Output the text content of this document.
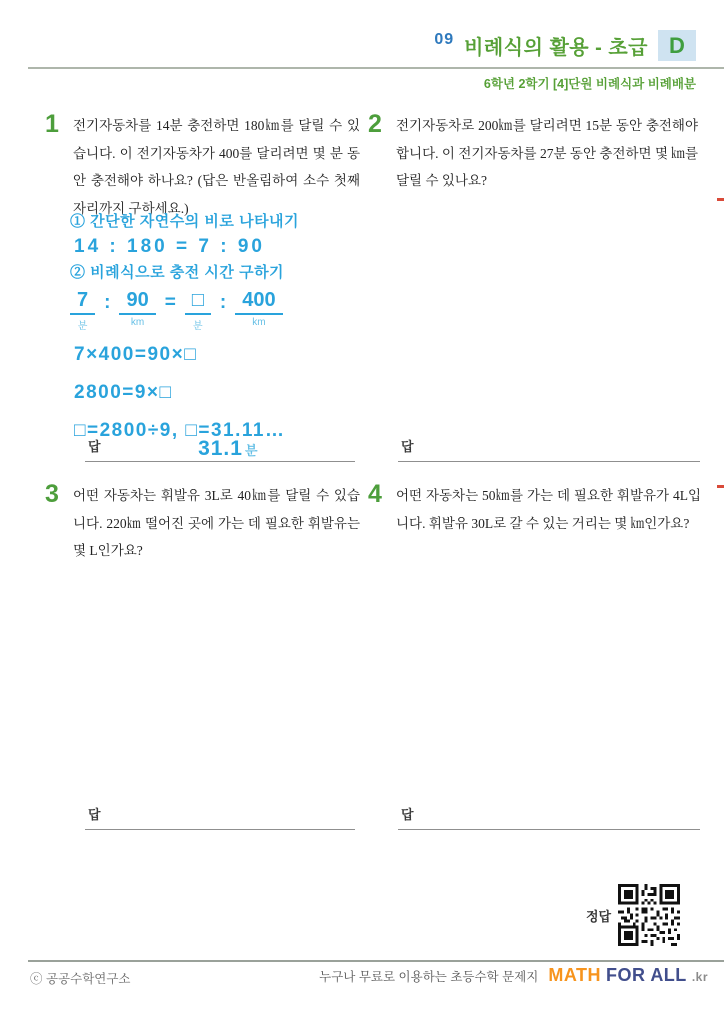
09 비례식의 활용 - 초급 D
6학년 2학기 [4]단원 비례식과 비례배분
1 전기자동차를 14분 충전하면 180㎞를 달릴 수 있습니다. 이 전기자동차가 400를 달리려면 몇 분 동안 충전해야 하나요? (답은 반올림하여 소수 첫째 자리까지 구하세요.)

2 전기자동차로 200㎞를 달리려면 15분 동안 충전해야 합니다. 이 전기자동차를 27분 동안 충전하면 몇 ㎞를 달릴 수 있나요?

3 어떤 자동차는 휘발유 3L로 40㎞를 달릴 수 있습니다. 220㎞ 떨어진 곳에 가는 데 필요한 휘발유는 몇 L인가요?

4 어떤 자동차는 50㎞를 가는 데 필요한 휘발유가 4L입니다. 휘발유 30L로 갈 수 있는 거리는 몇 ㎞인가요?

① 간단한 자연수의 비로 나타내기
14 : 180 = 7 : 90
② 비례식으로 충전 시간 구하기
7
분
: 90
km
= □
분
: 400
km
7×400=90×□
2800=9×□
□=2800÷9, □=31.11…
답	31.1 분	답
답	답
정답
ⓒ 공공수학연구소	누구나 무료로 이용하는 초등수학 문제지 MATH FOR ALL .kr
